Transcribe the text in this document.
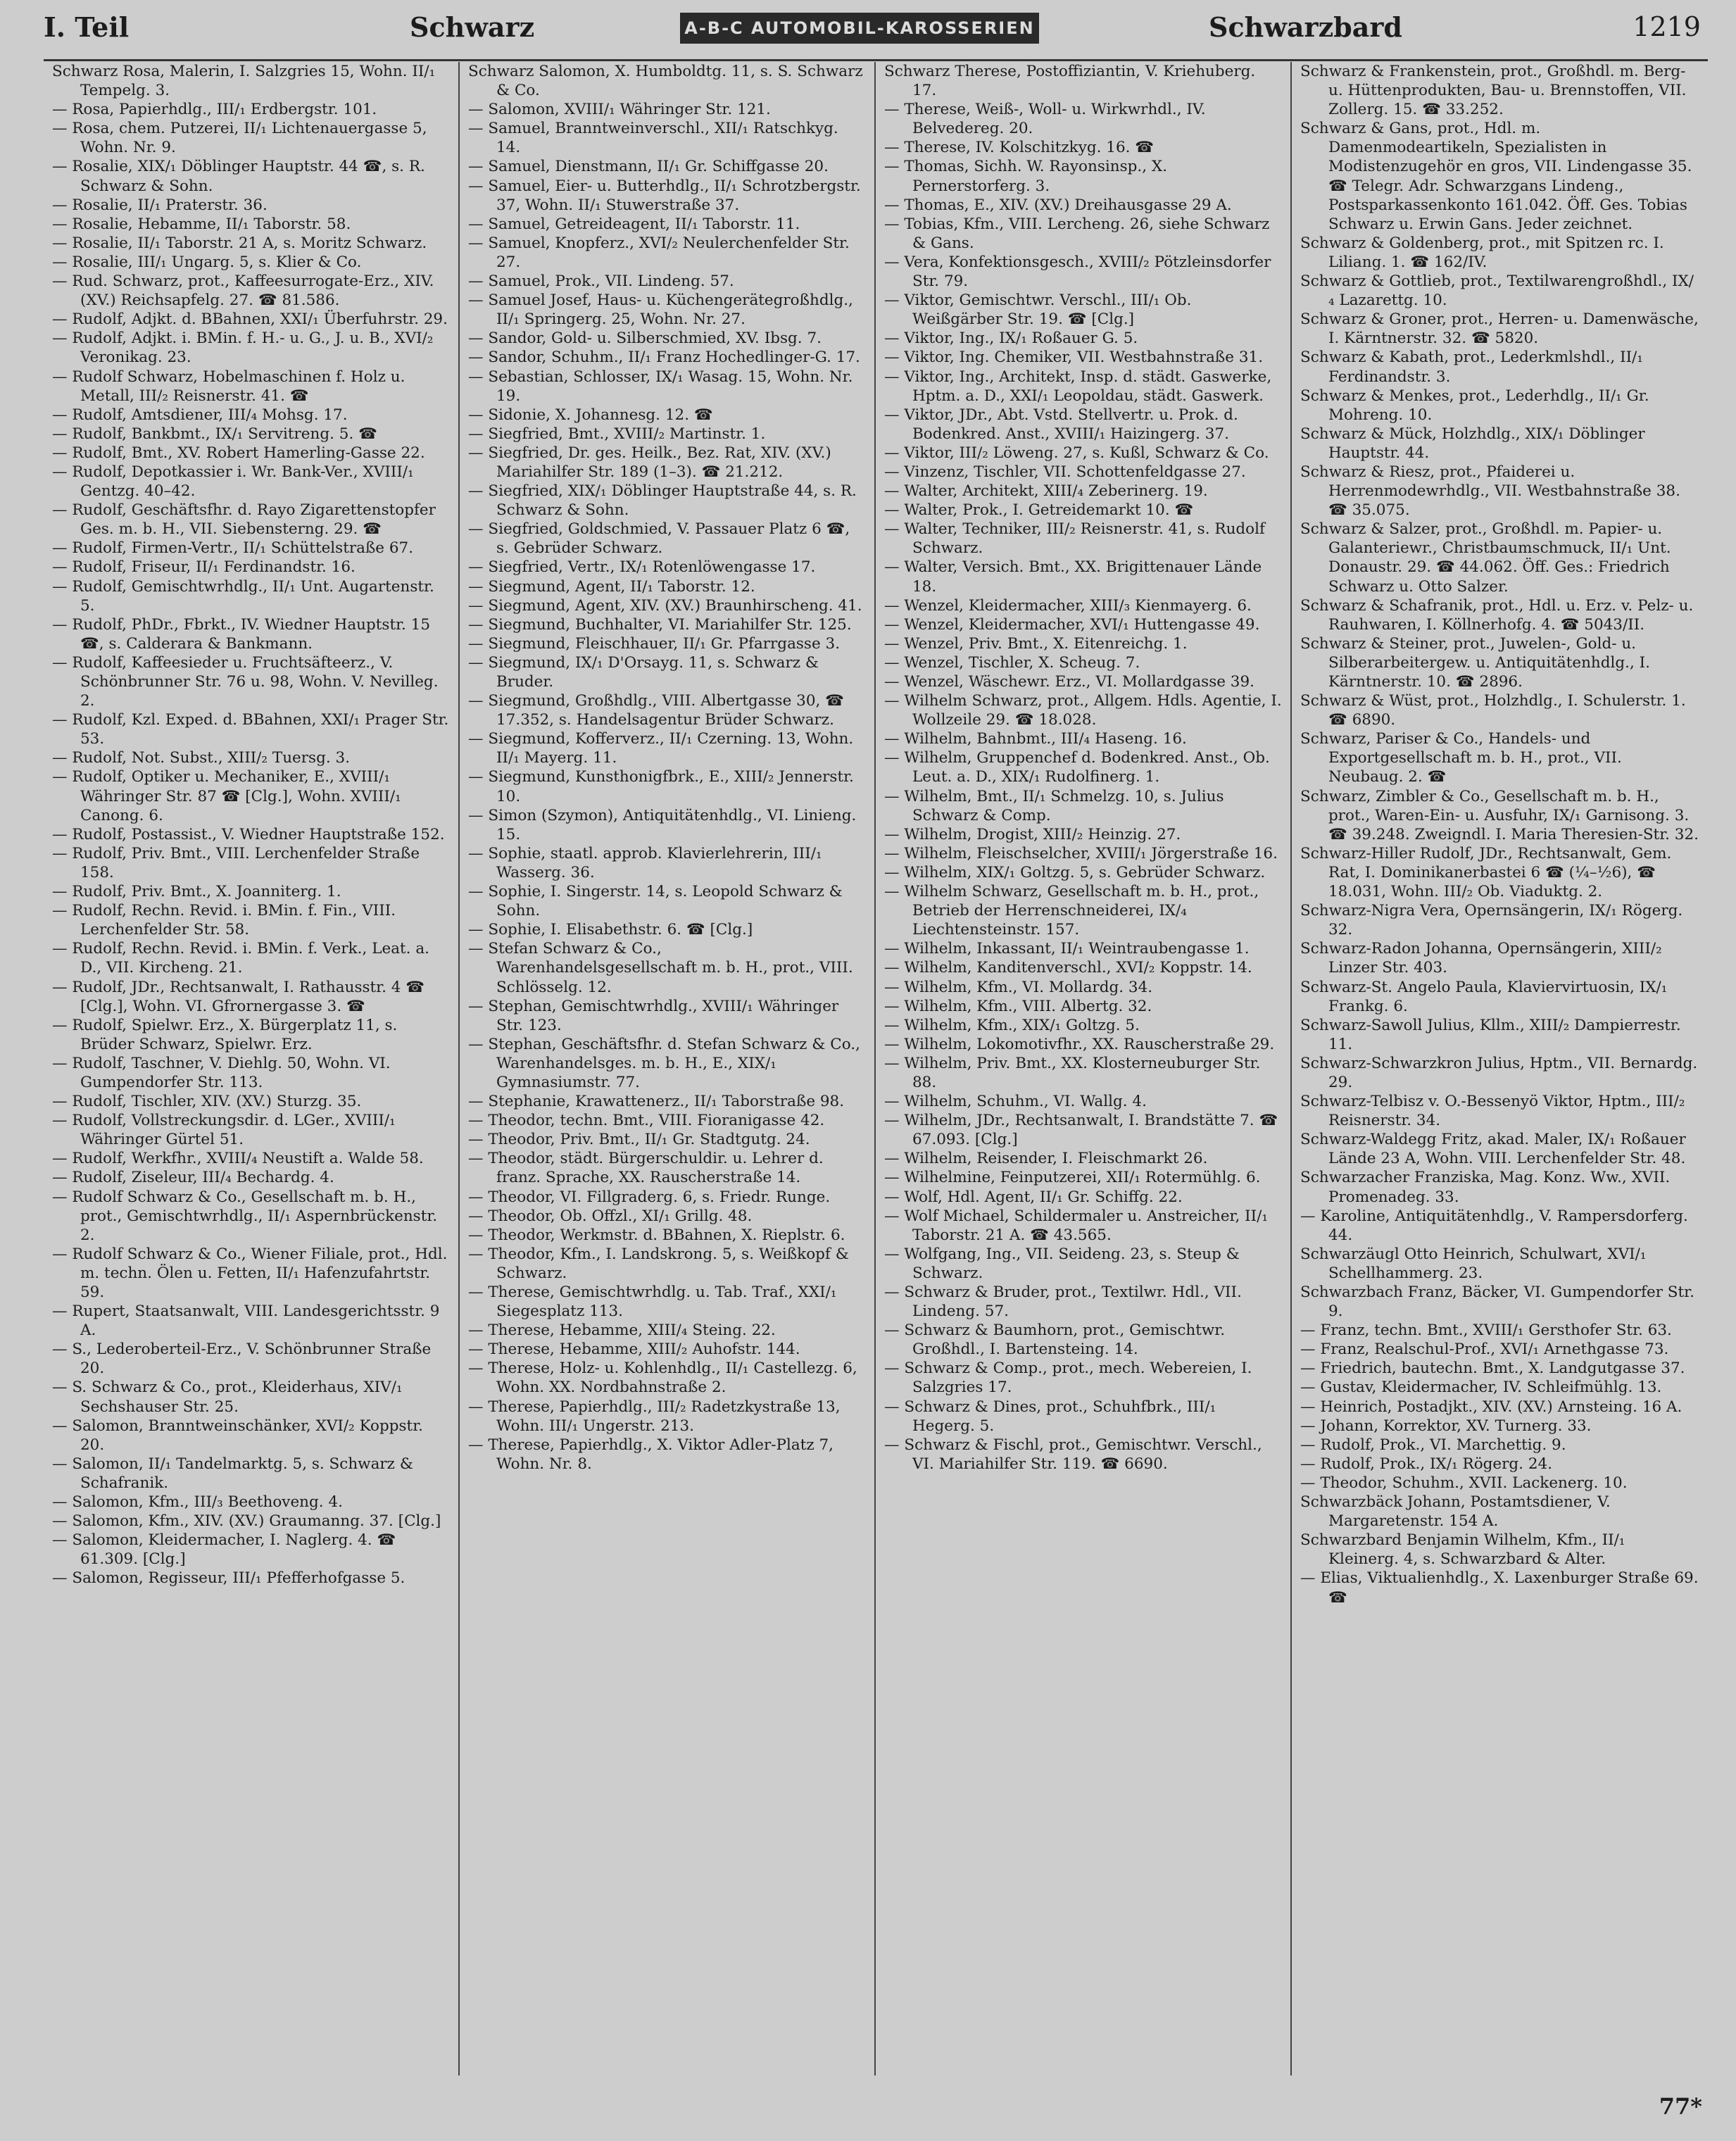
I. Teil	Schwarz	A-B-C AUTOMOBIL-KAROSSERIEN	Schwarzbard	1219

Schwarz Rosa, Malerin, I. Salzgries 15, Wohn. II/₁ Tempelg. 3.

— Rosa, Papierhdlg., III/₁ Erdbergstr. 101.

— Rosa, chem. Putzerei, II/₁ Lichtenauergasse 5, Wohn. Nr. 9.

— Rosalie, XIX/₁ Döblinger Hauptstr. 44 ☎, s. R. Schwarz & Sohn.

— Rosalie, II/₁ Praterstr. 36.

— Rosalie, Hebamme, II/₁ Taborstr. 58.

— Rosalie, II/₁ Taborstr. 21 A, s. Moritz Schwarz.

— Rosalie, III/₁ Ungarg. 5, s. Klier & Co.

— Rud. Schwarz, prot., Kaffeesurrogate-Erz., XIV. (XV.) Reichsapfelg. 27. ☎ 81.586.

— Rudolf, Adjkt. d. BBahnen, XXI/₁ Überfuhrstr. 29.

— Rudolf, Adjkt. i. BMin. f. H.- u. G., J. u. B., XVI/₂ Veronikag. 23.

— Rudolf Schwarz, Hobelmaschinen f. Holz u. Metall, III/₂ Reisnerstr. 41. ☎

— Rudolf, Amtsdiener, III/₄ Mohsg. 17.

— Rudolf, Bankbmt., IX/₁ Servitreng. 5. ☎

— Rudolf, Bmt., XV. Robert Hamerling-Gasse 22.

— Rudolf, Depotkassier i. Wr. Bank-Ver., XVIII/₁ Gentzg. 40–42.

— Rudolf, Geschäftsfhr. d. Rayo Zigarettenstopfer Ges. m. b. H., VII. Siebensterng. 29. ☎

— Rudolf, Firmen-Vertr., II/₁ Schüttelstraße 67.

— Rudolf, Friseur, II/₁ Ferdinandstr. 16.

— Rudolf, Gemischtwrhdlg., II/₁ Unt. Augartenstr. 5.

— Rudolf, PhDr., Fbrkt., IV. Wiedner Hauptstr. 15 ☎, s. Calderara & Bankmann.

— Rudolf, Kaffeesieder u. Fruchtsäfteerz., V. Schönbrunner Str. 76 u. 98, Wohn. V. Nevilleg. 2.

— Rudolf, Kzl. Exped. d. BBahnen, XXI/₁ Prager Str. 53.

— Rudolf, Not. Subst., XIII/₂ Tuersg. 3.

— Rudolf, Optiker u. Mechaniker, E., XVIII/₁ Währinger Str. 87 ☎ [Clg.], Wohn. XVIII/₁ Canong. 6.

— Rudolf, Postassist., V. Wiedner Hauptstraße 152.

— Rudolf, Priv. Bmt., VIII. Lerchenfelder Straße 158.

— Rudolf, Priv. Bmt., X. Joanniterg. 1.

— Rudolf, Rechn. Revid. i. BMin. f. Fin., VIII. Lerchenfelder Str. 58.

— Rudolf, Rechn. Revid. i. BMin. f. Verk., Leat. a. D., VII. Kircheng. 21.

— Rudolf, JDr., Rechtsanwalt, I. Rathausstr. 4 ☎ [Clg.], Wohn. VI. Gfrornergasse 3. ☎

— Rudolf, Spielwr. Erz., X. Bürgerplatz 11, s. Brüder Schwarz, Spielwr. Erz.

— Rudolf, Taschner, V. Diehlg. 50, Wohn. VI. Gumpendorfer Str. 113.

— Rudolf, Tischler, XIV. (XV.) Sturzg. 35.

— Rudolf, Vollstreckungsdir. d. LGer., XVIII/₁ Währinger Gürtel 51.

— Rudolf, Werkfhr., XVIII/₄ Neustift a. Walde 58.

— Rudolf, Ziseleur, III/₄ Bechardg. 4.

— Rudolf Schwarz & Co., Gesellschaft m. b. H., prot., Gemischtwrhdlg., II/₁ Aspernbrückenstr. 2.

— Rudolf Schwarz & Co., Wiener Filiale, prot., Hdl. m. techn. Ölen u. Fetten, II/₁ Hafenzufahrtstr. 59.

— Rupert, Staatsanwalt, VIII. Landesgerichtsstr. 9 A.

— S., Lederoberteil-Erz., V. Schönbrunner Straße 20.

— S. Schwarz & Co., prot., Kleiderhaus, XIV/₁ Sechshauser Str. 25.

— Salomon, Branntweinschänker, XVI/₂ Koppstr. 20.

— Salomon, II/₁ Tandelmarktg. 5, s. Schwarz & Schafranik.

— Salomon, Kfm., III/₃ Beethoveng. 4.

— Salomon, Kfm., XIV. (XV.) Graumanng. 37. [Clg.]

— Salomon, Kleidermacher, I. Naglerg. 4. ☎ 61.309. [Clg.]

— Salomon, Regisseur, III/₁ Pfefferhofgasse 5.

Schwarz Salomon, X. Humboldtg. 11, s. S. Schwarz & Co.

— Salomon, XVIII/₁ Währinger Str. 121.

— Samuel, Branntweinverschl., XII/₁ Ratschkyg. 14.

— Samuel, Dienstmann, II/₁ Gr. Schiffgasse 20.

— Samuel, Eier- u. Butterhdlg., II/₁ Schrotzbergstr. 37, Wohn. II/₁ Stuwerstraße 37.

— Samuel, Getreideagent, II/₁ Taborstr. 11.

— Samuel, Knopferz., XVI/₂ Neulerchenfelder Str. 27.

— Samuel, Prok., VII. Lindeng. 57.

— Samuel Josef, Haus- u. Küchengerätegroßhdlg., II/₁ Springerg. 25, Wohn. Nr. 27.

— Sandor, Gold- u. Silberschmied, XV. Ibsg. 7.

— Sandor, Schuhm., II/₁ Franz Hochedlinger-G. 17.

— Sebastian, Schlosser, IX/₁ Wasag. 15, Wohn. Nr. 19.

— Sidonie, X. Johannesg. 12. ☎

— Siegfried, Bmt., XVIII/₂ Martinstr. 1.

— Siegfried, Dr. ges. Heilk., Bez. Rat, XIV. (XV.) Mariahilfer Str. 189 (1–3). ☎ 21.212.

— Siegfried, XIX/₁ Döblinger Hauptstraße 44, s. R. Schwarz & Sohn.

— Siegfried, Goldschmied, V. Passauer Platz 6 ☎, s. Gebrüder Schwarz.

— Siegfried, Vertr., IX/₁ Rotenlöwengasse 17.

— Siegmund, Agent, II/₁ Taborstr. 12.

— Siegmund, Agent, XIV. (XV.) Braunhirscheng. 41.

— Siegmund, Buchhalter, VI. Mariahilfer Str. 125.

— Siegmund, Fleischhauer, II/₁ Gr. Pfarrgasse 3.

— Siegmund, IX/₁ D'Orsayg. 11, s. Schwarz & Bruder.

— Siegmund, Großhdlg., VIII. Albertgasse 30, ☎ 17.352, s. Handelsagentur Brüder Schwarz.

— Siegmund, Kofferverz., II/₁ Czerning. 13, Wohn. II/₁ Mayerg. 11.

— Siegmund, Kunsthonigfbrk., E., XIII/₂ Jennerstr. 10.

— Simon (Szymon), Antiquitätenhdlg., VI. Linieng. 15.

— Sophie, staatl. approb. Klavierlehrerin, III/₁ Wasserg. 36.

— Sophie, I. Singerstr. 14, s. Leopold Schwarz & Sohn.

— Sophie, I. Elisabethstr. 6. ☎ [Clg.]

— Stefan Schwarz & Co., Warenhandelsgesellschaft m. b. H., prot., VIII. Schlösselg. 12.

— Stephan, Gemischtwrhdlg., XVIII/₁ Währinger Str. 123.

— Stephan, Geschäftsfhr. d. Stefan Schwarz & Co., Warenhandelsges. m. b. H., E., XIX/₁ Gymnasiumstr. 77.

— Stephanie, Krawattenerz., II/₁ Taborstraße 98.

— Theodor, techn. Bmt., VIII. Fioranigasse 42.

— Theodor, Priv. Bmt., II/₁ Gr. Stadtgutg. 24.

— Theodor, städt. Bürgerschuldir. u. Lehrer d. franz. Sprache, XX. Rauscherstraße 14.

— Theodor, VI. Fillgraderg. 6, s. Friedr. Runge.

— Theodor, Ob. Offzl., XI/₁ Grillg. 48.

— Theodor, Werkmstr. d. BBahnen, X. Rieplstr. 6.

— Theodor, Kfm., I. Landskrong. 5, s. Weißkopf & Schwarz.

— Therese, Gemischtwrhdlg. u. Tab. Traf., XXI/₁ Siegesplatz 113.

— Therese, Hebamme, XIII/₄ Steing. 22.

— Therese, Hebamme, XIII/₂ Auhofstr. 144.

— Therese, Holz- u. Kohlenhdlg., II/₁ Castellezg. 6, Wohn. XX. Nordbahnstraße 2.

— Therese, Papierhdlg., III/₂ Radetzkystraße 13, Wohn. III/₁ Ungerstr. 213.

— Therese, Papierhdlg., X. Viktor Adler-Platz 7, Wohn. Nr. 8.

Schwarz Therese, Postoffiziantin, V. Kriehuberg. 17.

— Therese, Weiß-, Woll- u. Wirkwrhdl., IV. Belvedereg. 20.

— Therese, IV. Kolschitzkyg. 16. ☎

— Thomas, Sichh. W. Rayonsinsp., X. Pernerstorferg. 3.

— Thomas, E., XIV. (XV.) Dreihausgasse 29 A.

— Tobias, Kfm., VIII. Lercheng. 26, siehe Schwarz & Gans.

— Vera, Konfektionsgesch., XVIII/₂ Pötzleinsdorfer Str. 79.

— Viktor, Gemischtwr. Verschl., III/₁ Ob. Weißgärber Str. 19. ☎ [Clg.]

— Viktor, Ing., IX/₁ Roßauer G. 5.

— Viktor, Ing. Chemiker, VII. Westbahnstraße 31.

— Viktor, Ing., Architekt, Insp. d. städt. Gaswerke, Hptm. a. D., XXI/₁ Leopoldau, städt. Gaswerk.

— Viktor, JDr., Abt. Vstd. Stellvertr. u. Prok. d. Bodenkred. Anst., XVIII/₁ Haizingerg. 37.

— Viktor, III/₂ Löweng. 27, s. Kußl, Schwarz & Co.

— Vinzenz, Tischler, VII. Schottenfeldgasse 27.

— Walter, Architekt, XIII/₄ Zeberinerg. 19.

— Walter, Prok., I. Getreidemarkt 10. ☎

— Walter, Techniker, III/₂ Reisnerstr. 41, s. Rudolf Schwarz.

— Walter, Versich. Bmt., XX. Brigittenauer Lände 18.

— Wenzel, Kleidermacher, XIII/₃ Kienmayerg. 6.

— Wenzel, Kleidermacher, XVI/₁ Huttengasse 49.

— Wenzel, Priv. Bmt., X. Eitenreichg. 1.

— Wenzel, Tischler, X. Scheug. 7.

— Wenzel, Wäschewr. Erz., VI. Mollardgasse 39.

— Wilhelm Schwarz, prot., Allgem. Hdls. Agentie, I. Wollzeile 29. ☎ 18.028.

— Wilhelm, Bahnbmt., III/₄ Haseng. 16.

— Wilhelm, Gruppenchef d. Bodenkred. Anst., Ob. Leut. a. D., XIX/₁ Rudolfinerg. 1.

— Wilhelm, Bmt., II/₁ Schmelzg. 10, s. Julius Schwarz & Comp.

— Wilhelm, Drogist, XIII/₂ Heinzig. 27.

— Wilhelm, Fleischselcher, XVIII/₁ Jörgerstraße 16.

— Wilhelm, XIX/₁ Goltzg. 5, s. Gebrüder Schwarz.

— Wilhelm Schwarz, Gesellschaft m. b. H., prot., Betrieb der Herrenschneiderei, IX/₄ Liechtensteinstr. 157.

— Wilhelm, Inkassant, II/₁ Weintraubengasse 1.

— Wilhelm, Kanditenverschl., XVI/₂ Koppstr. 14.

— Wilhelm, Kfm., VI. Mollardg. 34.

— Wilhelm, Kfm., VIII. Albertg. 32.

— Wilhelm, Kfm., XIX/₁ Goltzg. 5.

— Wilhelm, Lokomotivfhr., XX. Rauscherstraße 29.

— Wilhelm, Priv. Bmt., XX. Klosterneuburger Str. 88.

— Wilhelm, Schuhm., VI. Wallg. 4.

— Wilhelm, JDr., Rechtsanwalt, I. Brandstätte 7. ☎ 67.093. [Clg.]

— Wilhelm, Reisender, I. Fleischmarkt 26.

— Wilhelmine, Feinputzerei, XII/₁ Rotermühlg. 6.

— Wolf, Hdl. Agent, II/₁ Gr. Schiffg. 22.

— Wolf Michael, Schildermaler u. Anstreicher, II/₁ Taborstr. 21 A. ☎ 43.565.

— Wolfgang, Ing., VII. Seideng. 23, s. Steup & Schwarz.

— Schwarz & Bruder, prot., Textilwr. Hdl., VII. Lindeng. 57.

— Schwarz & Baumhorn, prot., Gemischtwr. Großhdl., I. Bartensteing. 14.

— Schwarz & Comp., prot., mech. Webereien, I. Salzgries 17.

— Schwarz & Dines, prot., Schuhfbrk., III/₁ Hegerg. 5.

— Schwarz & Fischl, prot., Gemischtwr. Verschl., VI. Mariahilfer Str. 119. ☎ 6690.

Schwarz & Frankenstein, prot., Großhdl. m. Berg- u. Hüttenprodukten, Bau- u. Brennstoffen, VII. Zollerg. 15. ☎ 33.252.

Schwarz & Gans, prot., Hdl. m. Damenmodeartikeln, Spezialisten in Modistenzugehör en gros, VII. Lindengasse 35. ☎ Telegr. Adr. Schwarzgans Lindeng., Postsparkassenkonto 161.042. Öff. Ges. Tobias Schwarz u. Erwin Gans. Jeder zeichnet.

Schwarz & Goldenberg, prot., mit Spitzen rc. I. Liliang. 1. ☎ 162/IV.

Schwarz & Gottlieb, prot., Textilwarengroßhdl., IX/₄ Lazarettg. 10.

Schwarz & Groner, prot., Herren- u. Damenwäsche, I. Kärntnerstr. 32. ☎ 5820.

Schwarz & Kabath, prot., Lederkmlshdl., II/₁ Ferdinandstr. 3.

Schwarz & Menkes, prot., Lederhdlg., II/₁ Gr. Mohreng. 10.

Schwarz & Mück, Holzhdlg., XIX/₁ Döblinger Hauptstr. 44.

Schwarz & Riesz, prot., Pfaiderei u. Herrenmodewrhdlg., VII. Westbahnstraße 38. ☎ 35.075.

Schwarz & Salzer, prot., Großhdl. m. Papier- u. Galanteriewr., Christbaumschmuck, II/₁ Unt. Donaustr. 29. ☎ 44.062. Öff. Ges.: Friedrich Schwarz u. Otto Salzer.

Schwarz & Schafranik, prot., Hdl. u. Erz. v. Pelz- u. Rauhwaren, I. Köllnerhofg. 4. ☎ 5043/II.

Schwarz & Steiner, prot., Juwelen-, Gold- u. Silberarbeitergew. u. Antiquitätenhdlg., I. Kärntnerstr. 10. ☎ 2896.

Schwarz & Wüst, prot., Holzhdlg., I. Schulerstr. 1. ☎ 6890.

Schwarz, Pariser & Co., Handels- und Exportgesellschaft m. b. H., prot., VII. Neubaug. 2. ☎

Schwarz, Zimbler & Co., Gesellschaft m. b. H., prot., Waren-Ein- u. Ausfuhr, IX/₁ Garnisong. 3. ☎ 39.248. Zweigndl. I. Maria Theresien-Str. 32.

Schwarz-Hiller Rudolf, JDr., Rechtsanwalt, Gem. Rat, I. Dominikanerbastei 6 ☎ (¼–½6), ☎ 18.031, Wohn. III/₂ Ob. Viaduktg. 2.

Schwarz-Nigra Vera, Opernsängerin, IX/₁ Rögerg. 32.

Schwarz-Radon Johanna, Opernsängerin, XIII/₂ Linzer Str. 403.

Schwarz-St. Angelo Paula, Klaviervirtuosin, IX/₁ Frankg. 6.

Schwarz-Sawoll Julius, Kllm., XIII/₂ Dampierrestr. 11.

Schwarz-Schwarzkron Julius, Hptm., VII. Bernardg. 29.

Schwarz-Telbisz v. O.-Bessenyö Viktor, Hptm., III/₂ Reisnerstr. 34.

Schwarz-Waldegg Fritz, akad. Maler, IX/₁ Roßauer Lände 23 A, Wohn. VIII. Lerchenfelder Str. 48.

Schwarzacher Franziska, Mag. Konz. Ww., XVII. Promenadeg. 33.

— Karoline, Antiquitätenhdlg., V. Rampersdorferg. 44.

Schwarzäugl Otto Heinrich, Schulwart, XVI/₁ Schellhammerg. 23.

Schwarzbach Franz, Bäcker, VI. Gumpendorfer Str. 9.

— Franz, techn. Bmt., XVIII/₁ Gersthofer Str. 63.

— Franz, Realschul-Prof., XVI/₁ Arnethgasse 73.

— Friedrich, bautechn. Bmt., X. Landgutgasse 37.

— Gustav, Kleidermacher, IV. Schleifmühlg. 13.

— Heinrich, Postadjkt., XIV. (XV.) Arnsteing. 16 A.

— Johann, Korrektor, XV. Turnerg. 33.

— Rudolf, Prok., VI. Marchettig. 9.

— Rudolf, Prok., IX/₁ Rögerg. 24.

— Theodor, Schuhm., XVII. Lackenerg. 10.

Schwarzbäck Johann, Postamtsdiener, V. Margaretenstr. 154 A.

Schwarzbard Benjamin Wilhelm, Kfm., II/₁ Kleinerg. 4, s. Schwarzbard & Alter.

— Elias, Viktualienhdlg., X. Laxenburger Straße 69. ☎

77*
